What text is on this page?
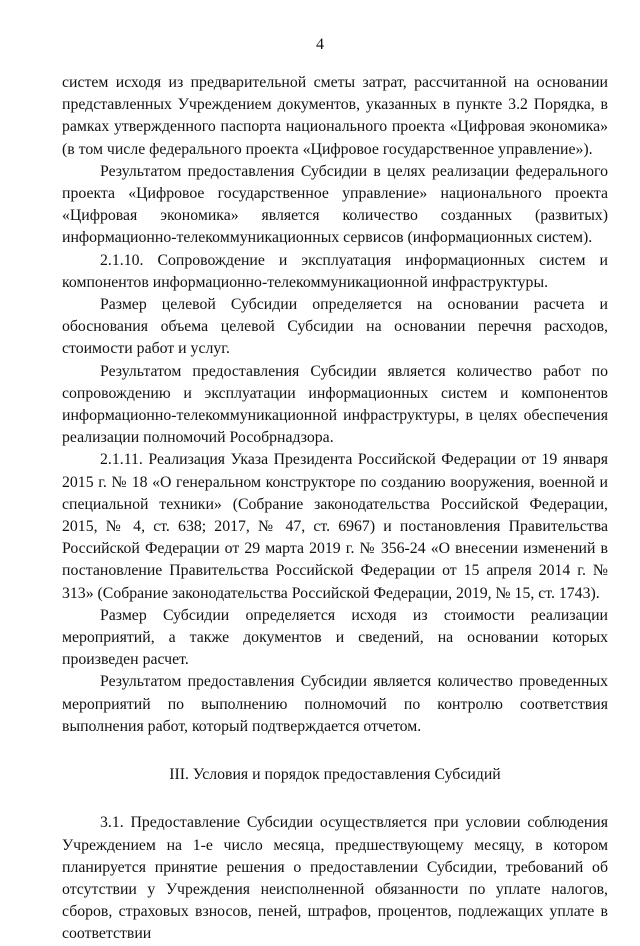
4

систем исходя из предварительной сметы затрат, рассчитанной на основании представленных Учреждением документов, указанных в пункте 3.2 Порядка, в рамках утвержденного паспорта национального проекта «Цифровая экономика» (в том числе федерального проекта «Цифровое государственное управление»).

Результатом предоставления Субсидии в целях реализации федерального проекта «Цифровое государственное управление» национального проекта «Цифровая экономика» является количество созданных (развитых) информационно-телекоммуникационных сервисов (информационных систем).

2.1.10. Сопровождение и эксплуатация информационных систем и компонентов информационно-телекоммуникационной инфраструктуры.

Размер целевой Субсидии определяется на основании расчета и обоснования объема целевой Субсидии на основании перечня расходов, стоимости работ и услуг.

Результатом предоставления Субсидии является количество работ по сопровождению и эксплуатации информационных систем и компонентов информационно-телекоммуникационной инфраструктуры, в целях обеспечения реализации полномочий Рособрнадзора.

2.1.11. Реализация Указа Президента Российской Федерации от 19 января 2015 г. № 18 «О генеральном конструкторе по созданию вооружения, военной и специальной техники» (Собрание законодательства Российской Федерации, 2015, № 4, ст. 638; 2017, № 47, ст. 6967) и постановления Правительства Российской Федерации от 29 марта 2019 г. № 356-24 «О внесении изменений в постановление Правительства Российской Федерации от 15 апреля 2014 г. № 313» (Собрание законодательства Российской Федерации, 2019, № 15, ст. 1743).

Размер Субсидии определяется исходя из стоимости реализации мероприятий, а также документов и сведений, на основании которых произведен расчет.

Результатом предоставления Субсидии является количество проведенных мероприятий по выполнению полномочий по контролю соответствия выполнения работ, который подтверждается отчетом.

III. Условия и порядок предоставления Субсидий

3.1. Предоставление Субсидии осуществляется при условии соблюдения Учреждением на 1-е число месяца, предшествующему месяцу, в котором планируется принятие решения о предоставлении Субсидии, требований об отсутствии у Учреждения неисполненной обязанности по уплате налогов, сборов, страховых взносов, пеней, штрафов, процентов, подлежащих уплате в соответствии
